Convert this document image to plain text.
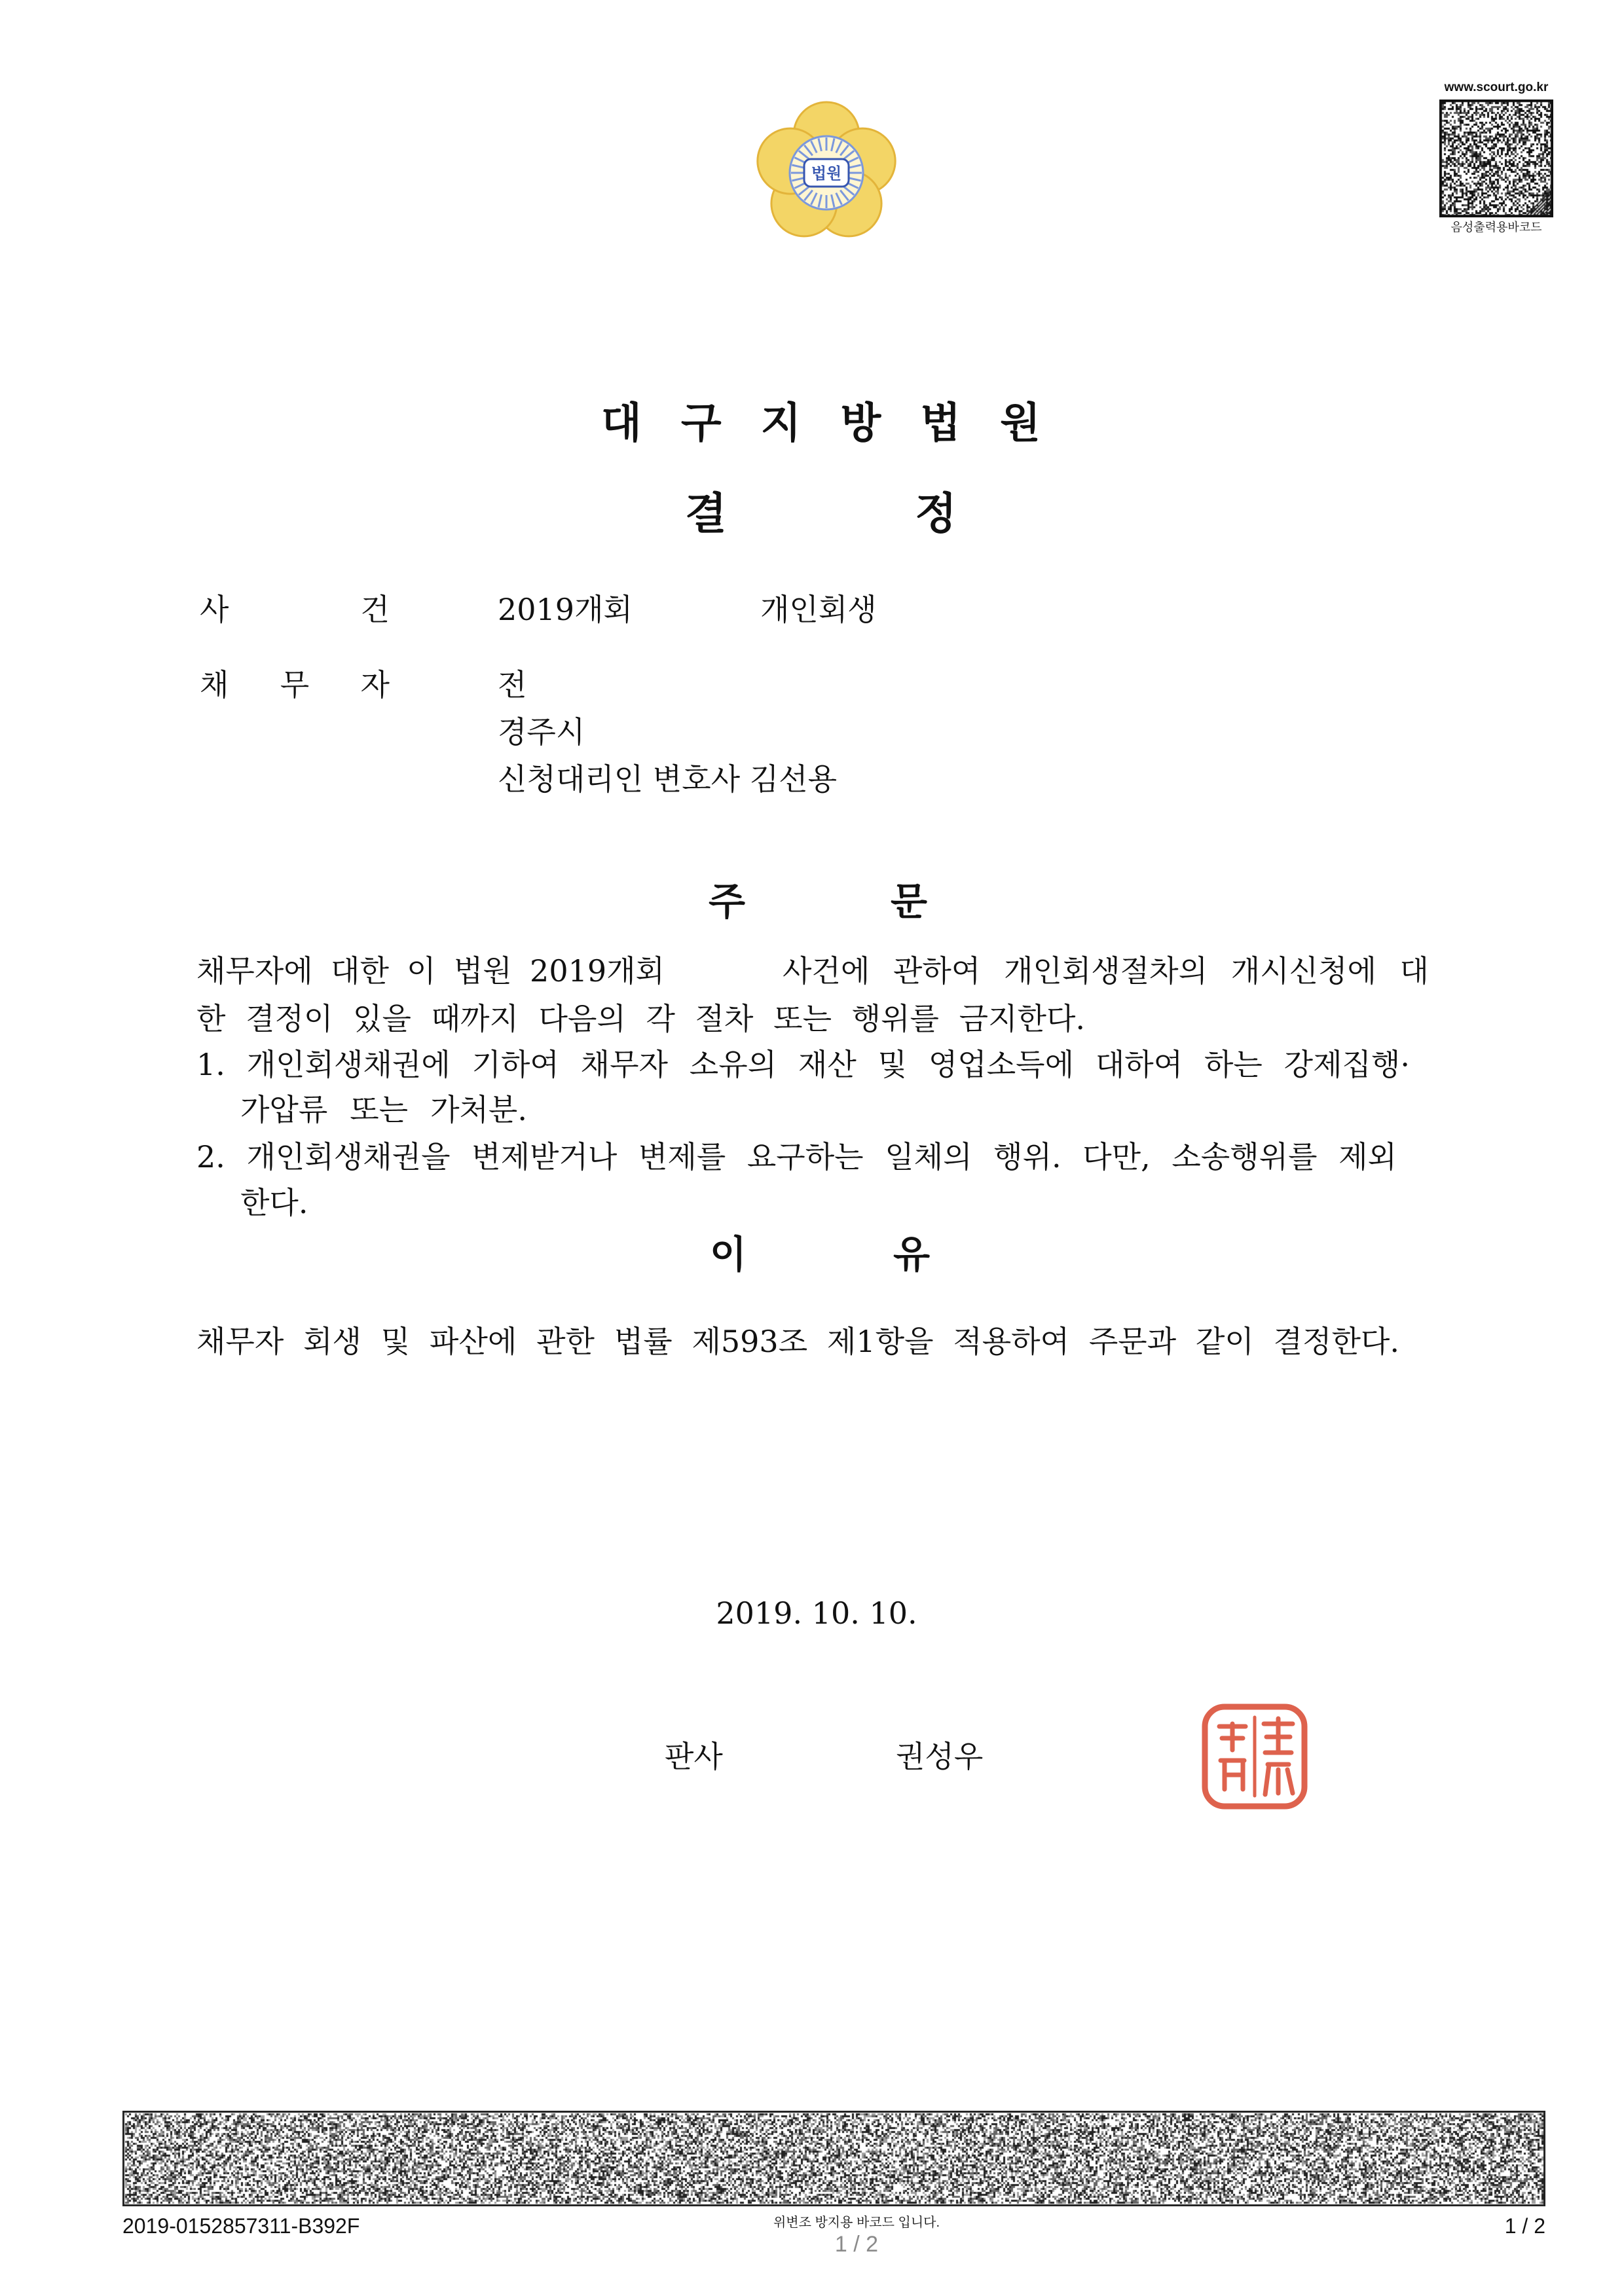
법원
www.scourt.go.kr
음성출력용바코드
대 구 지 방 법 원
결 정
사 건	2019개회	개인회생
채 무 자	전
경주시
신청대리인 변호사 김선용
주 문
채무자에 대한 이 법원 2019개회	사건에 관하여 개인회생절차의 개시신청에 대
한 결정이 있을 때까지 다음의 각 절차 또는 행위를 금지한다.
1. 개인회생채권에 기하여 채무자 소유의 재산 및 영업소득에 대하여 하는 강제집행·
가압류 또는 가처분.
2. 개인회생채권을 변제받거나 변제를 요구하는 일체의 행위. 다만, 소송행위를 제외
한다.
이 유
채무자 회생 및 파산에 관한 법률 제593조 제1항을 적용하여 주문과 같이 결정한다.
2019. 10. 10.
판사	권성우
2019-0152857311-B392F	위변조 방지용 바코드 입니다.
1 / 2
1 / 2
